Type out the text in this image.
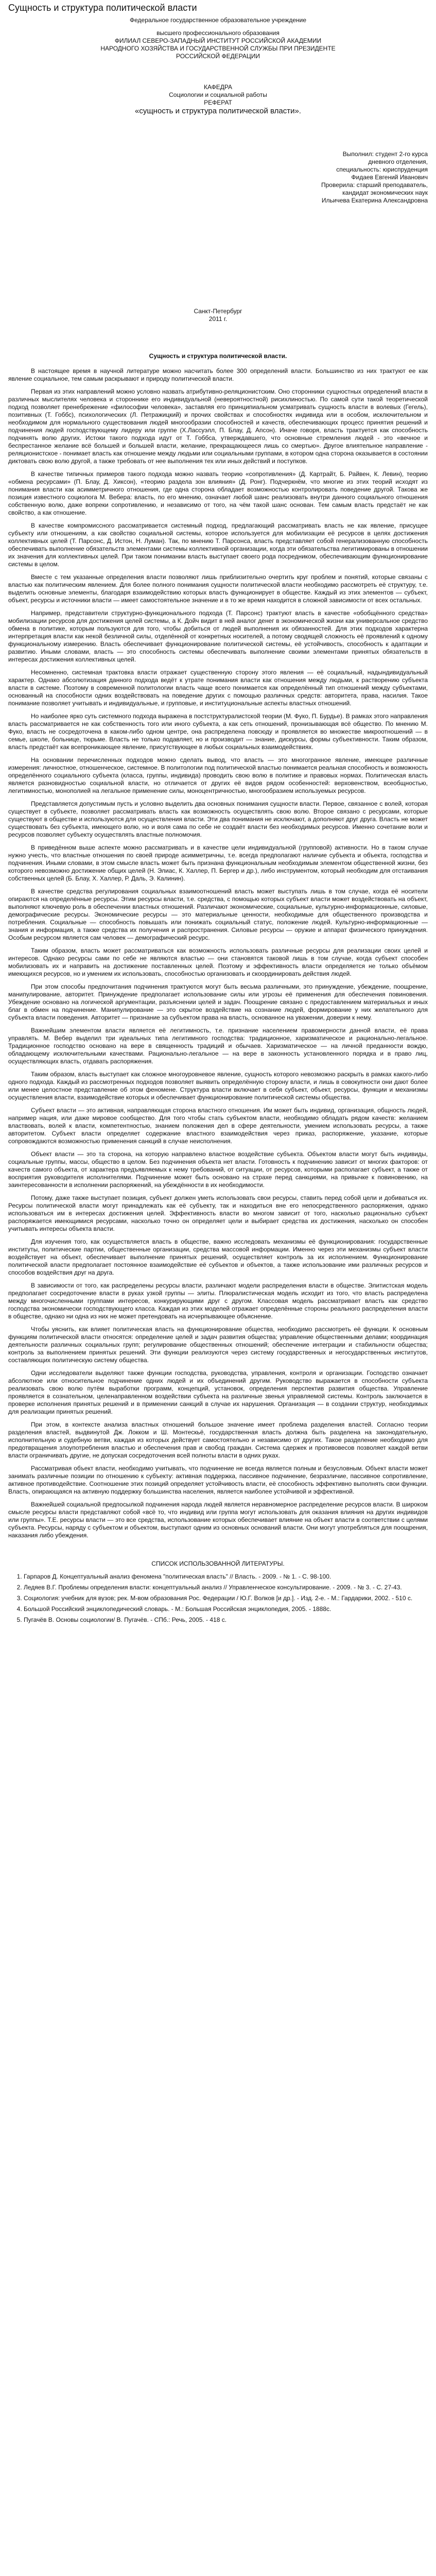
Сущность и структура политической власти

Федеральное государственное образовательное учреждение

высшего профессионального образования

ФИЛИАЛ СЕВЕРО-ЗАПАДНЫЙ ИНСТИТУТ РОССИЙСКОЙ АКАДЕМИИ

НАРОДНОГО ХОЗЯЙСТВА И ГОСУДАРСТВЕННОЙ СЛУЖБЫ ПРИ ПРЕЗИДЕНТЕ

РОССИЙСКОЙ ФЕДЕРАЦИИ

КАФЕДРА

Социологии и социальной работы

РЕФЕРАТ

«сущность и структура политической власти».

Выполнил: студент 2-го курса

дневного отделения,

специальность: юриспруденция

Фидаев Евгений Иванович

Проверила: старший преподаватель,

кандидат экономических наук

Ильичева Екатерина Александровна

Санкт-Петербург

2011 г.

Сущность и структура политической власти.

В настоящее время в научной литературе можно насчитать более 300 определений власти. Большинство из них трактуют ее как явление социальное, тем самым раскрывают и природу политической власти.

Первая из этих направлений можно условно назвать атрибутивно-реляционистским. Оно сторонники сущностных определений власти в различных мыслителях человека и стороннике его индивидуальной (невероятностной) рисихлиностью. По самой сути такой теоретической подход позволяет пренебрежение «философии человека», заставляя его принципиальном усматривать сущность власти в волевых (Гегель), позитивных (Т. Гоббс), психологических (Л. Петражицкий) и прочих свойствах и способностях индивида или в особом, исключительном и необходимом для нормального существования людей многообразии способностей и качеств, обеспечивающих процесс принятия решений и подчинения людей господствующему лидеру или группе (Х.Лассуэлл, П. Блау, Д. Апсон). Иначе говоря, власть трактуется как способность подчинять волю других. Истоки такого подхода идут от Т. Гоббса, утверждавшего, что основные стремления людей - это «вечное и беспрестанное желание всё большей и большей власти, желание, прекращающееся лишь со смертью». Другое влиятельное направление - реляционистское - понимает власть как отношение между людьми или социальными группами, в котором одна сторона оказывается в состоянии диктовать свою волю другой, а также требовать от нее выполнения тех или иных действий и поступков.

В качестве типичных примеров такого подхода можно назвать теорию «сопротивления» (Д. Картрайт, Б. Райвен, К. Левин), теорию «обмена ресурсами» (П. Блау, Д. Хиксон), «теорию раздела зон влияния» (Д. Ронг). Подчеркнём, что многие из этих теорий исходят из понимания власти как асимметричного отношения, где одна сторона обладает возможностью контролировать поведение другой. Такова же позиция известного социолога М. Вебера: власть, по его мнению, означает любой шанс реализовать внутри данного социального отношения собственную волю, даже вопреки сопротивлению, и независимо от того, на чём такой шанс основан. Тем самым власть предстаёт не как свойство, а как отношение.

В качестве компромиссного рассматривается системный подход, предлагающий рассматривать власть не как явление, присущее субъекту или отношениям, а как свойство социальной системы, которое используется для мобилизации её ресурсов в целях достижения коллективных целей (Т. Парсонс, Д. Истон, Н. Луман). Так, по мнению Т. Парсонса, власть представляет собой генерализованную способность обеспечивать выполнение обязательств элементами системы коллективной организации, когда эти обязательства легитимированы в отношении их значения для коллективных целей. При таком понимании власть выступает своего рода посредником, обеспечивающим функционирование системы в целом.

Вместе с тем указанные определения власти позволяют лишь приблизительно очертить круг проблем и понятий, которые связаны с властью как политическим явлением. Для более полного понимания сущности политической власти необходимо рассмотреть её структуру, т.е. выделить основные элементы, благодаря взаимодействию которых власть функционирует в обществе. Каждый из этих элементов — субъект, объект, ресурсы и источники власти — имеет самостоятельное значение и в то же время находится в сложной зависимости от всех остальных.

Например, представители структурно-функционального подхода (Т. Парсонс) трактуют власть в качестве «обобщённого средства» мобилизации ресурсов для достижения целей системы, а К. Дойч видит в ней аналог денег в экономической жизни как универсальное средство обмена в политике, которым пользуются для того, чтобы добиться от людей выполнения их обязанностей. Для этих подходов характерна интерпретация власти как некой безличной силы, отделённой от конкретных носителей, а потому сводящей сложность её проявлений к одному функциональному измерению. Власть обеспечивает функционирование политической системы, её устойчивость, способность к адаптации и развитию. Иными словами, власть — это способность системы обеспечивать выполнение своими элементами принятых обязательств в интересах достижения коллективных целей.

Несомненно, системная трактовка власти отражает существенную сторону этого явления — её социальный, надындивидуальный характер. Однако абсолютизация данного подхода ведёт к утрате понимания власти как отношения между людьми, к растворению субъекта власти в системе. Поэтому в современной политологии власть чаще всего понимается как определённый тип отношений между субъектами, основанный на способности одних воздействовать на поведение других с помощью различных средств: авторитета, права, насилия. Такое понимание позволяет учитывать и индивидуальные, и групповые, и институциональные аспекты властных отношений.

Но наиболее ярко суть системного подхода выражена в постструктуралистской теории (М. Фуко, П. Бурдье). В рамках этого направления власть рассматривается не как собственность того или иного субъекта, а как сеть отношений, пронизывающая всё общество. По мнению М. Фуко, власть не сосредоточена в каком-либо одном центре, она распределена повсюду и проявляется во множестве микроотношений — в семье, школе, больнице, тюрьме. Власть не только подавляет, но и производит — знание, дискурсы, формы субъективности. Таким образом, власть предстаёт как всепроникающее явление, присутствующее в любых социальных взаимодействиях.

На основании перечисленных подходов можно сделать вывод, что власть — это многогранное явление, имеющее различные измерения: личностное, отношенческое, системное. В политологии под политической властью понимается реальная способность и возможность определённого социального субъекта (класса, группы, индивида) проводить свою волю в политике и правовых нормах. Политическая власть является разновидностью социальной власти, но отличается от других её видов рядом особенностей: верховенством, всеобщностью, легитимностью, монополией на легальное применение силы, моноцентричностью, многообразием используемых ресурсов.

Представляется допустимым пусть и условно выделить два основных понимания сущности власти. Первое, связанное с волей, которая существует в субъекте, позволяет рассматривать власть как возможность осуществлять свою волю. Второе связано с ресурсами, которые существуют в обществе и используются для осуществления власти. Эти два понимания не исключают, а дополняют друг друга. Власть не может существовать без субъекта, имеющего волю, но и воля сама по себе не создаёт власти без необходимых ресурсов. Именно сочетание воли и ресурсов позволяет субъекту осуществлять властные полномочия.

В приведённом выше аспекте можно рассматривать и в качестве цели индивидуальной (групповой) активности. Но в таком случае нужно учесть, что властные отношения по своей природе асимметричны, т.е. всегда предполагают наличие субъекта и объекта, господства и подчинения. Иными словами, в этом смысле власть может быть признана функциональным необходимым элементом общественной жизни, без которого невозможно достижение общих целей (Н. Элиас, К. Халлер, П. Бергер и др.), либо инструментом, который необходим для отстаивания собственных целей (Б. Блау, Х. Халлер, Р. Даль, Э. Калинин).

В качестве средства регулирования социальных взаимоотношений власть может выступать лишь в том случае, когда её носители опираются на определённые ресурсы. Этим ресурсы власти, т.е. средства, с помощью которых субъект власти может воздействовать на объект, выполняют ключевую роль в обеспечении властных отношений. Различают экономические, социальные, культурно-информационные, силовые, демографические ресурсы. Экономические ресурсы — это материальные ценности, необходимые для общественного производства и потребления. Социальные — способность повышать или понижать социальный статус, положение людей. Культурно-информационные — знания и информация, а также средства их получения и распространения. Силовые ресурсы — оружие и аппарат физического принуждения. Особым ресурсом является сам человек — демографический ресурс.

Таким образом, власть может рассматриваться как возможность использовать различные ресурсы для реализации своих целей и интересов. Однако ресурсы сами по себе не являются властью — они становятся таковой лишь в том случае, когда субъект способен мобилизовать их и направить на достижение поставленных целей. Поэтому и эффективность власти определяется не только объёмом имеющихся ресурсов, но и умением их использовать, способностью организовать и скоординировать действия людей.

При этом способы предпочитания подчинения трактуются могут быть весьма различными, это принуждение, убеждение, поощрение, манипулирование, авторитет. Принуждение предполагает использование силы или угрозы её применения для обеспечения повиновения. Убеждение основано на логической аргументации, разъяснении целей и задач. Поощрение связано с предоставлением материальных и иных благ в обмен на подчинение. Манипулирование — это скрытое воздействие на сознание людей, формирование у них желательного для субъекта власти поведения. Авторитет — признание за субъектом права на власть, основанное на уважении, доверии к нему.

Важнейшим элементом власти является её легитимность, т.е. признание населением правомерности данной власти, её права управлять. М. Вебер выделил три идеальных типа легитимного господства: традиционное, харизматическое и рационально-легальное. Традиционное господство основано на вере в священность традиций и обычаев. Харизматическое — на личной преданности вождю, обладающему исключительными качествами. Рационально-легальное — на вере в законность установленного порядка и в право лиц, осуществляющих власть, отдавать распоряжения.

Таким образом, власть выступает как сложное многоуровневое явление, сущность которого невозможно раскрыть в рамках какого-либо одного подхода. Каждый из рассмотренных подходов позволяет выявить определённую сторону власти, и лишь в совокупности они дают более или менее целостное представление об этом феномене. Структура власти включает в себя субъект, объект, ресурсы, функции и механизмы осуществления власти, взаимодействие которых и обеспечивает функционирование политической системы общества.

Субъект власти — это активная, направляющая сторона властного отношения. Им может быть индивид, организация, общность людей, например нация, или даже мировое сообщество. Для того чтобы стать субъектом власти, необходимо обладать рядом качеств: желанием властвовать, волей к власти, компетентностью, знанием положения дел в сфере деятельности, умением использовать ресурсы, а также авторитетом. Субъект власти определяет содержание властного взаимодействия через приказ, распоряжение, указание, которые сопровождаются возможностью применения санкций в случае неисполнения.

Объект власти — это та сторона, на которую направлено властное воздействие субъекта. Объектом власти могут быть индивиды, социальные группы, массы, общество в целом. Без подчинения объекта нет власти. Готовность к подчинению зависит от многих факторов: от качеств самого объекта, от характера предъявляемых к нему требований, от ситуации, от ресурсов, которыми располагает субъект, а также от восприятия руководителя исполнителями. Подчинение может быть основано на страхе перед санкциями, на привычке к повиновению, на заинтересованности в исполнении распоряжений, на убеждённости в их необходимости.

Потому, даже также выступает позиция, субъект должен уметь использовать свои ресурсы, ставить перед собой цели и добиваться их. Ресурсы политической власти могут принадлежать как её субъекту, так и находиться вне его непосредственного распоряжения, однако использоваться им в интересах достижения целей. Эффективность власти во многом зависит от того, насколько рационально субъект распоряжается имеющимися ресурсами, насколько точно он определяет цели и выбирает средства их достижения, насколько он способен учитывать интересы объекта власти.

Для изучения того, как осуществляется власть в обществе, важно исследовать механизмы её функционирования: государственные институты, политические партии, общественные организации, средства массовой информации. Именно через эти механизмы субъект власти воздействует на объект, обеспечивает выполнение принятых решений, осуществляет контроль за их исполнением. Функционирование политической власти предполагает постоянное взаимодействие её субъектов и объектов, а также использование ими различных ресурсов и способов воздействия друг на друга.

В зависимости от того, как распределены ресурсы власти, различают модели распределения власти в обществе. Элитистская модель предполагает сосредоточение власти в руках узкой группы — элиты. Плюралистическая модель исходит из того, что власть распределена между многочисленными группами интересов, конкурирующими друг с другом. Классовая модель рассматривает власть как средство господства экономически господствующего класса. Каждая из этих моделей отражает определённые стороны реального распределения власти в обществе, однако ни одна из них не может претендовать на исчерпывающее объяснение.

Чтобы уяснить, как влияет политическая власть на функционирование общества, необходимо рассмотреть её функции. К основным функциям политической власти относятся: определение целей и задач развития общества; управление общественными делами; координация деятельности различных социальных групп; регулирование общественных отношений; обеспечение интеграции и стабильности общества; контроль за выполнением принятых решений. Эти функции реализуются через систему государственных и негосударственных институтов, составляющих политическую систему общества.

Одни исследователи выделяют также функции господства, руководства, управления, контроля и организации. Господство означает абсолютное или относительное подчинение одних людей и их объединений другим. Руководство выражается в способности субъекта реализовать свою волю путём выработки программ, концепций, установок, определения перспектив развития общества. Управление проявляется в сознательном, целенаправленном воздействии субъекта на различные звенья управляемой системы. Контроль заключается в проверке исполнения принятых решений и в применении санкций в случае их нарушения. Организация — в создании структур, необходимых для реализации принятых решений.

При этом, в контексте анализа властных отношений большое значение имеет проблема разделения властей. Согласно теории разделения властей, выдвинутой Дж. Локком и Ш. Монтескьё, государственная власть должна быть разделена на законодательную, исполнительную и судебную ветви, каждая из которых действует самостоятельно и независимо от других. Такое разделение необходимо для предотвращения злоупотребления властью и обеспечения прав и свобод граждан. Система сдержек и противовесов позволяет каждой ветви власти ограничивать другие, не допуская сосредоточения всей полноты власти в одних руках.

Рассматривая объект власти, необходимо учитывать, что подчинение не всегда является полным и безусловным. Объект власти может занимать различные позиции по отношению к субъекту: активная поддержка, пассивное подчинение, безразличие, пассивное сопротивление, активное противодействие. Соотношение этих позиций определяет устойчивость власти, её способность эффективно выполнять свои функции. Власть, опирающаяся на активную поддержку большинства населения, является наиболее устойчивой и эффективной.

Важнейшей социальной предпосылкой подчинения народа людей является неравномерное распределение ресурсов власти. В широком смысле ресурсы власти представляют собой «всё то, что индивид или группа могут использовать для оказания влияния на других индивидов или группы». Т.Е. ресурсы власти — это все средства, использование которых обеспечивает влияние на объект власти в соответствии с целями субъекта. Ресурсы, наряду с субъектом и объектом, выступают одним из основных оснований власти. Они могут употребляться для поощрения, наказания либо убеждения.

СПИСОК ИСПОЛЬЗОВАННОЙ ЛИТЕРАТУРЫ.

1. Гарпаров Д. Концептуальный анализ феномена "политическая власть" // Власть. - 2009. - № 1. - С. 98-100.
2. Ледяев В.Г. Проблемы определения власти: концептуальный анализ // Управленческое консультирование. - 2009. - № 3. - С. 27-43.
3. Социология: учебник для вузов; рек. М-вом образования Рос. Федерации / Ю.Г. Волков [и др.]. - Изд. 2-е. - М.: Гардарики, 2002. - 510 с.
4. Большой Российский энциклопедический словарь. - М.: Большая Российская энциклопедия, 2005. - 1888с.
5. Пугачёв В. Основы социологии/ В. Пугачёв. - СПб.: Речь, 2005. - 418 с.
